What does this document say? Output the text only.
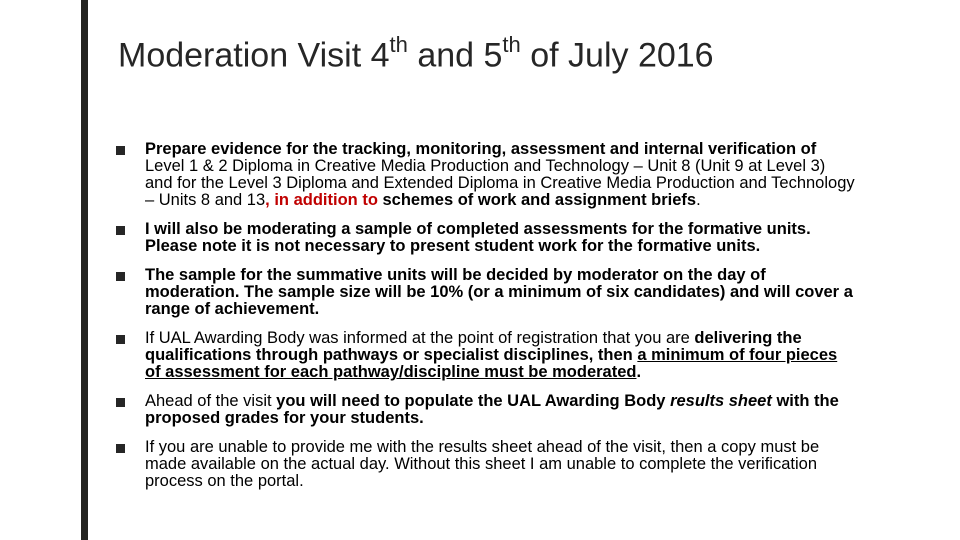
Moderation Visit 4th and 5th of July 2016
Prepare evidence for the tracking, monitoring, assessment and internal verification of Level 1 & 2 Diploma in Creative Media Production and Technology – Unit 8 (Unit 9 at Level 3) and for the Level 3 Diploma and Extended Diploma in Creative Media Production and Technology – Units 8 and 13, in addition to schemes of work and assignment briefs.
I will also be moderating a sample of completed assessments for the formative units. Please note it is not necessary to present student work for the formative units.
The sample for the summative units will be decided by moderator on the day of moderation. The sample size will be 10% (or a minimum of six candidates) and will cover a range of achievement.
If UAL Awarding Body was informed at the point of registration that you are delivering the qualifications through pathways or specialist disciplines, then a minimum of four pieces of assessment for each pathway/discipline must be moderated.
Ahead of the visit you will need to populate the UAL Awarding Body results sheet with the proposed grades for your students.
If you are unable to provide me with the results sheet ahead of the visit, then a copy must be made available on the actual day. Without this sheet I am unable to complete the verification process on the portal.
